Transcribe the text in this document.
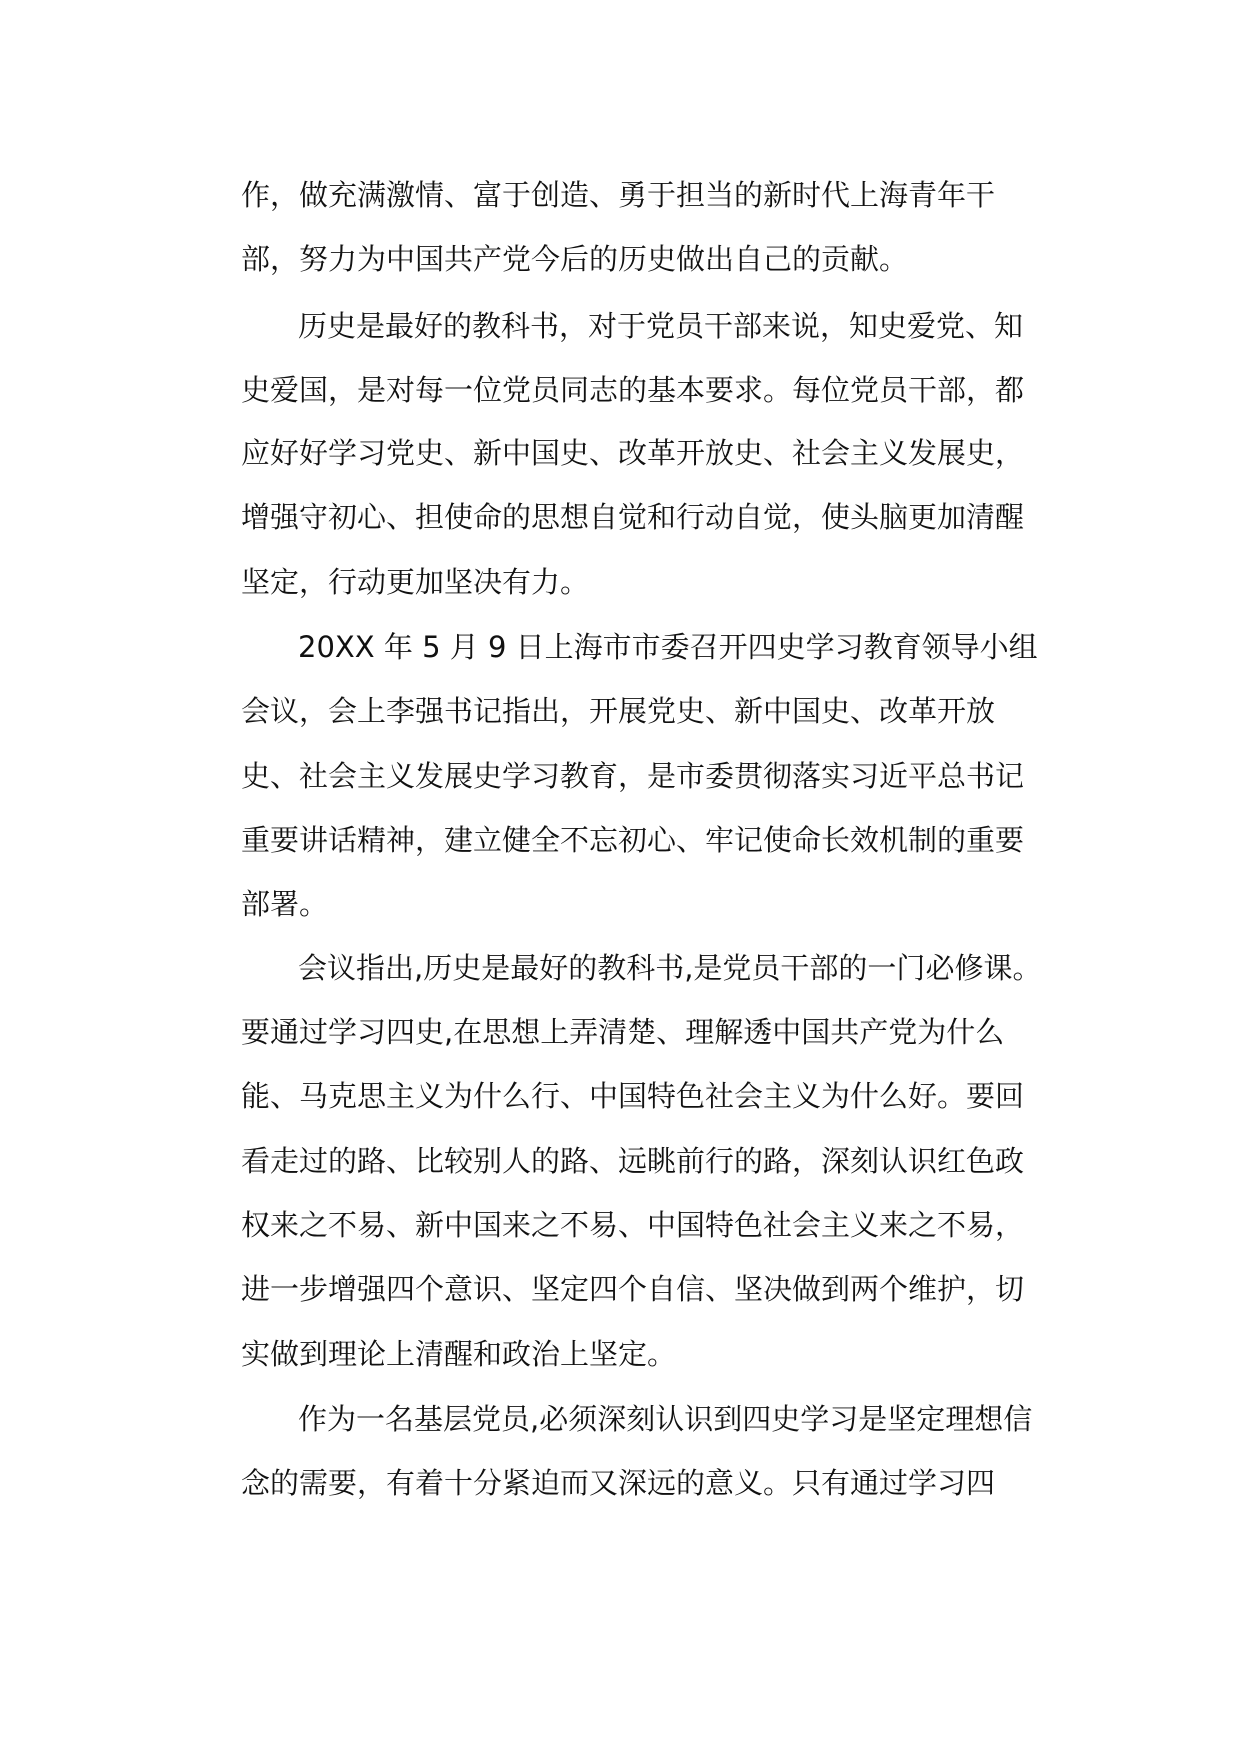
作，做充满激情、富于创造、勇于担当的新时代上海青年干
部，努力为中国共产党今后的历史做出自己的贡献。
历史是最好的教科书，对于党员干部来说，知史爱党、知
史爱国，是对每一位党员同志的基本要求。每位党员干部，都
应好好学习党史、新中国史、改革开放史、社会主义发展史，
增强守初心、担使命的思想自觉和行动自觉，使头脑更加清醒
坚定，行动更加坚决有力。
20XX 年 5 月 9 日上海市市委召开四史学习教育领导小组
会议，会上李强书记指出，开展党史、新中国史、改革开放
史、社会主义发展史学习教育，是市委贯彻落实习近平总书记
重要讲话精神，建立健全不忘初心、牢记使命长效机制的重要
部署。
会议指出,历史是最好的教科书,是党员干部的一门必修课。
要通过学习四史,在思想上弄清楚、理解透中国共产党为什么
能、马克思主义为什么行、中国特色社会主义为什么好。要回
看走过的路、比较别人的路、远眺前行的路，深刻认识红色政
权来之不易、新中国来之不易、中国特色社会主义来之不易，
进一步增强四个意识、坚定四个自信、坚决做到两个维护，切
实做到理论上清醒和政治上坚定。
作为一名基层党员,必须深刻认识到四史学习是坚定理想信
念的需要，有着十分紧迫而又深远的意义。只有通过学习四
